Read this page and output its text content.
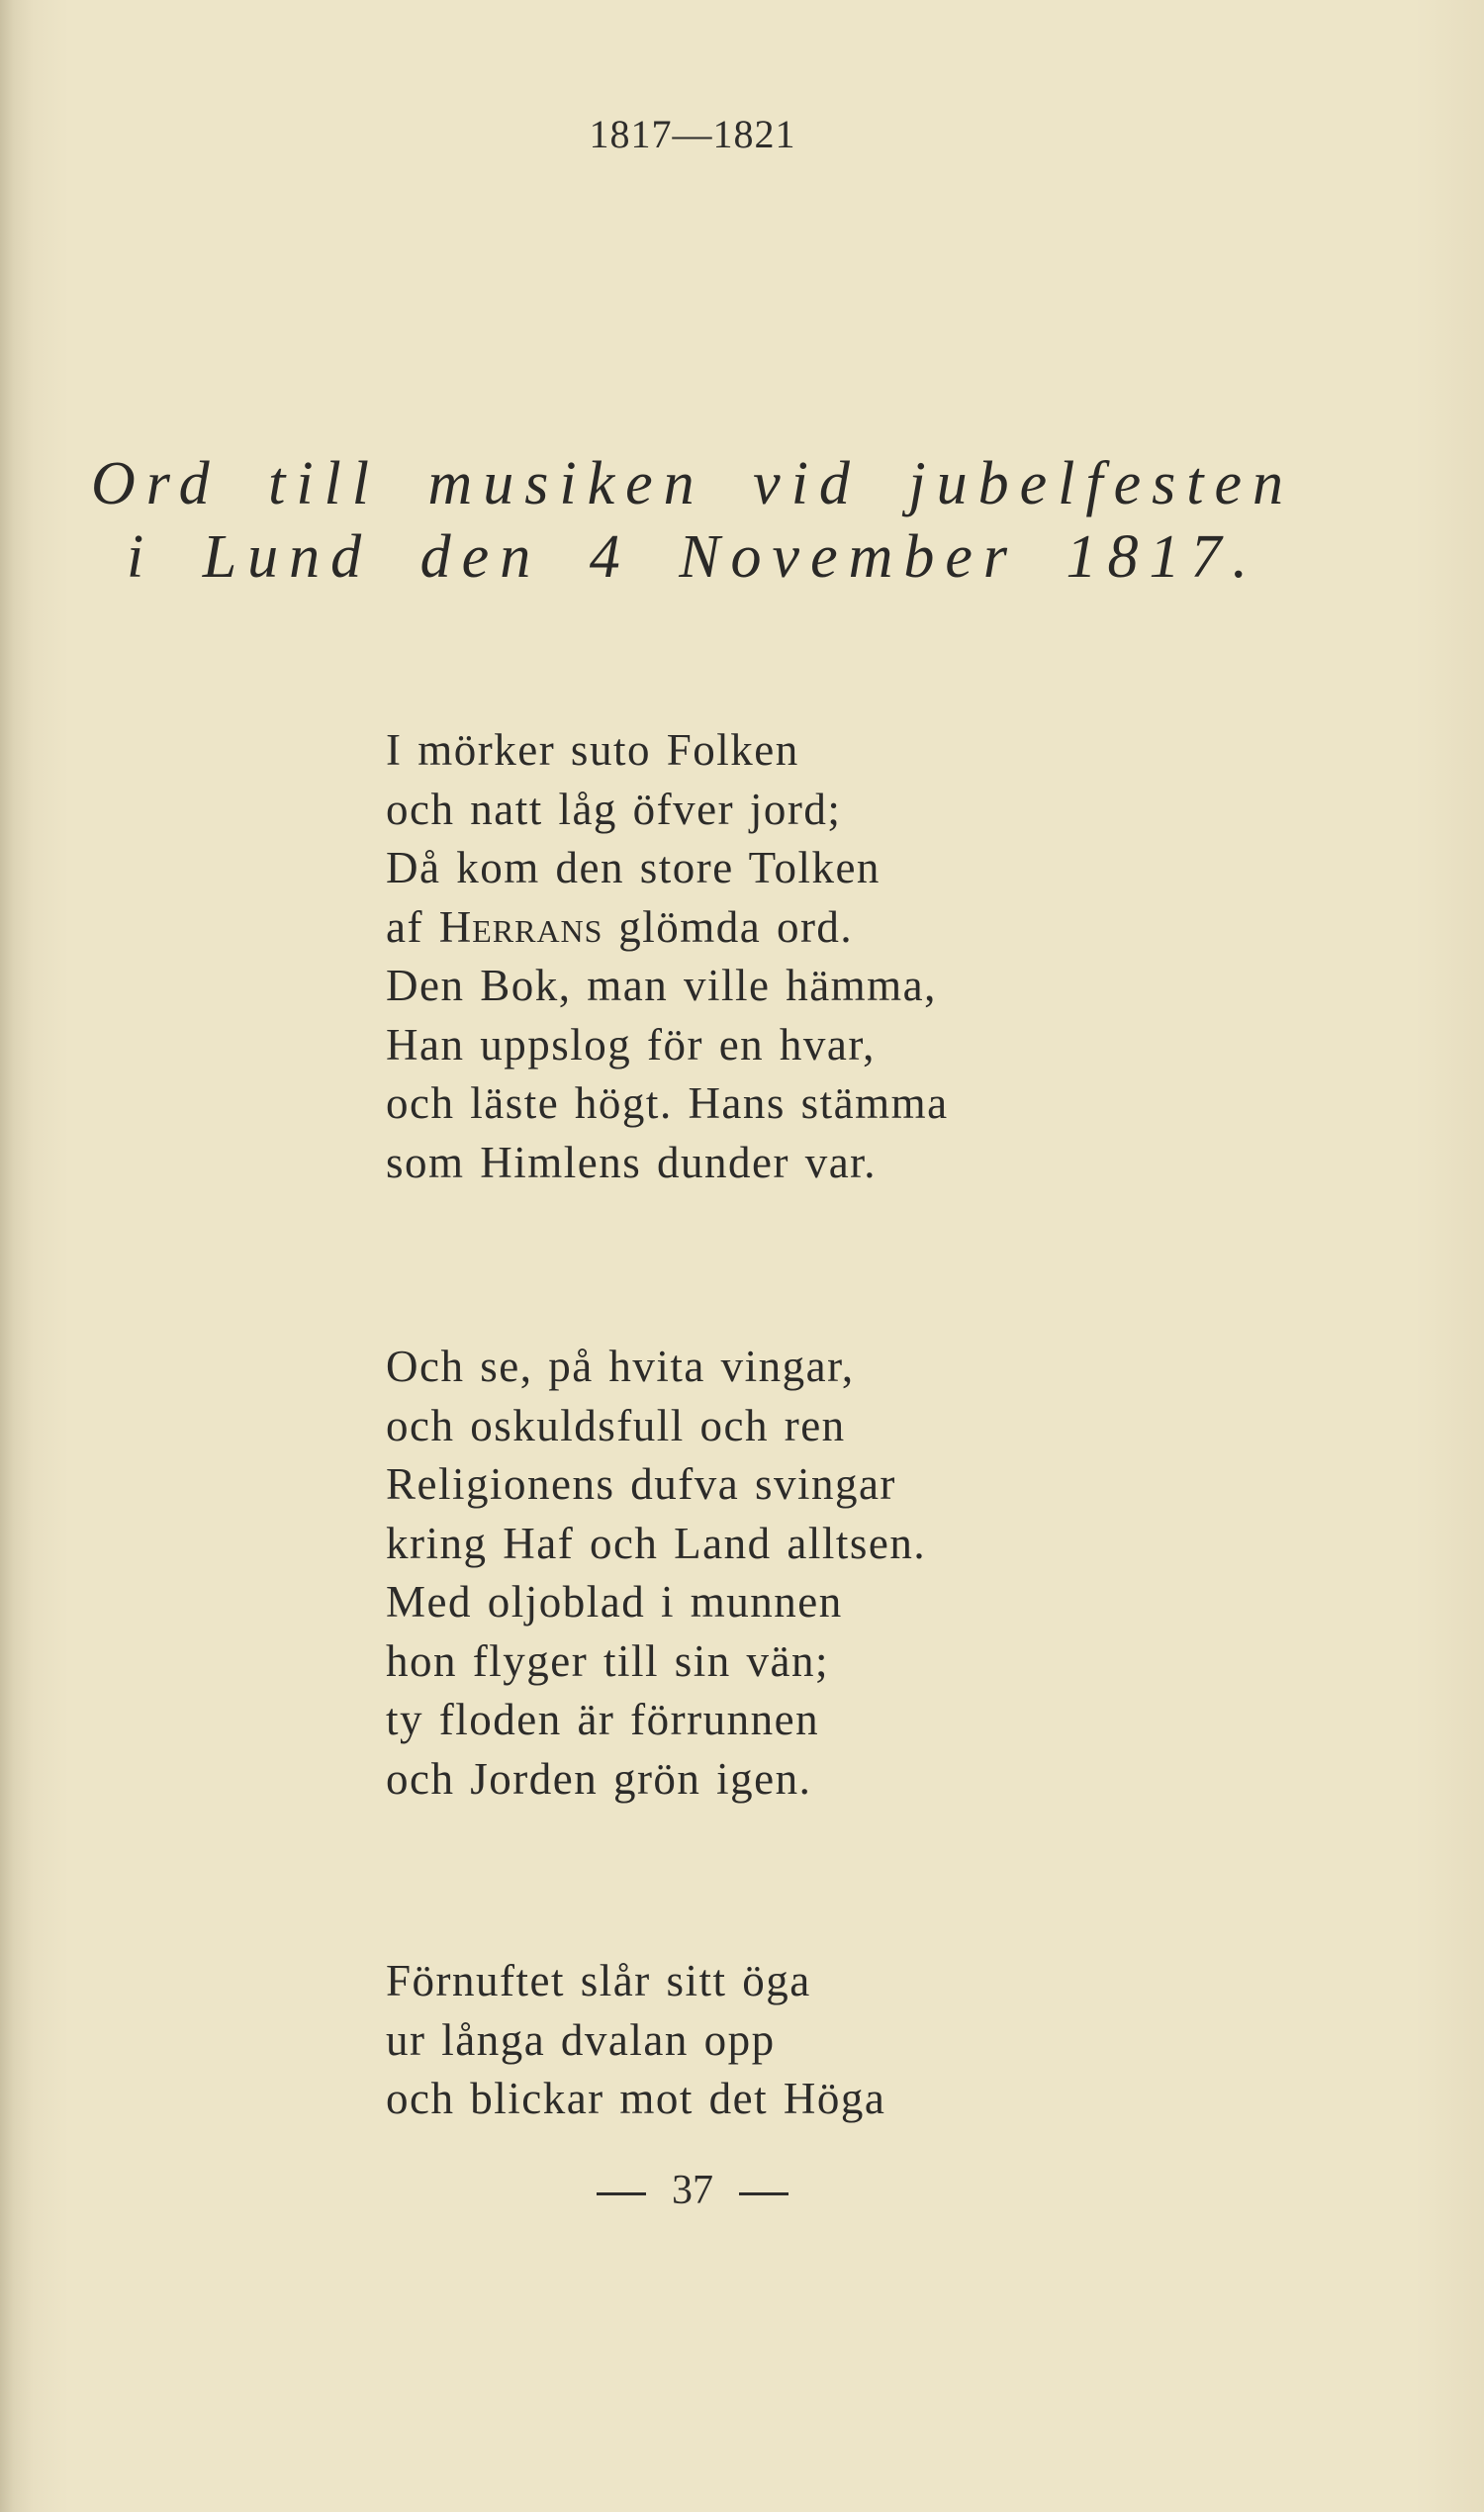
1817—1821
Ord till musiken vid jubelfesten
i Lund den 4 November 1817.
I mörker suto Folken
och natt låg öfver jord;
Då kom den store Tolken
af Herrans glömda ord.
Den Bok, man ville hämma,
Han uppslog för en hvar,
och läste högt. Hans stämma
som Himlens dunder var.
Och se, på hvita vingar,
och oskuldsfull och ren
Religionens dufva svingar
kring Haf och Land alltsen.
Med oljoblad i munnen
hon flyger till sin vän;
ty floden är förrunnen
och Jorden grön igen.
Förnuftet slår sitt öga
ur långa dvalan opp
och blickar mot det Höga
37
